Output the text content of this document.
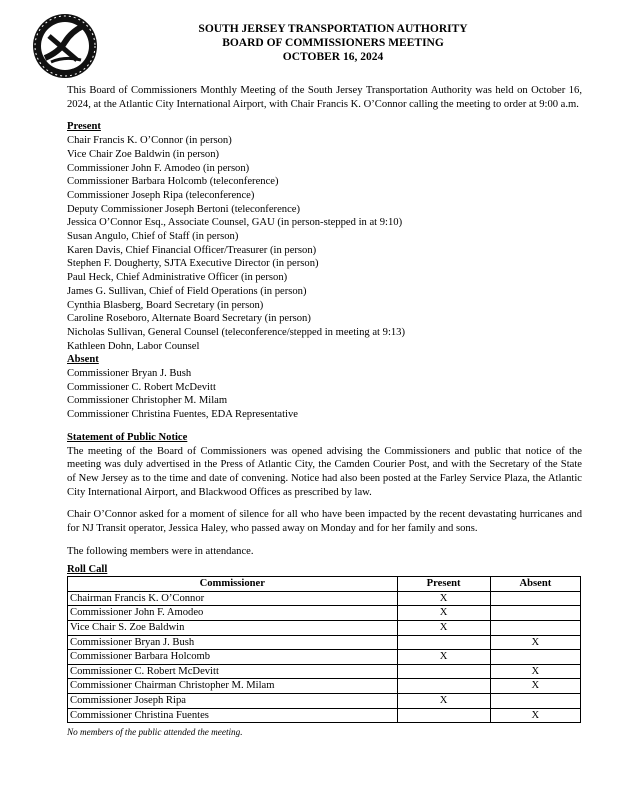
SOUTH JERSEY TRANSPORTATION AUTHORITY
BOARD OF COMMISSIONERS MEETING
OCTOBER 16, 2024

This Board of Commissioners Monthly Meeting of the South Jersey Transportation Authority was held on October 16, 2024, at the Atlantic City International Airport, with Chair Francis K. O’Connor calling the meeting to order at 9:00 a.m.

Present
Chair Francis K. O’Connor (in person)
Vice Chair Zoe Baldwin (in person)
Commissioner John F. Amodeo (in person)
Commissioner Barbara Holcomb (teleconference)
Commissioner Joseph Ripa (teleconference)
Deputy Commissioner Joseph Bertoni (teleconference)
Jessica O’Connor Esq., Associate Counsel, GAU (in person-stepped in at 9:10)
Susan Angulo, Chief of Staff (in person)
Karen Davis, Chief Financial Officer/Treasurer (in person)
Stephen F. Dougherty, SJTA Executive Director (in person)
Paul Heck, Chief Administrative Officer (in person)
James G. Sullivan, Chief of Field Operations (in person)
Cynthia Blasberg, Board Secretary (in person)
Caroline Roseboro, Alternate Board Secretary (in person)
Nicholas Sullivan, General Counsel (teleconference/stepped in meeting at 9:13)
Kathleen Dohn, Labor Counsel
Absent
Commissioner Bryan J. Bush
Commissioner C. Robert McDevitt
Commissioner Christopher M. Milam
Commissioner Christina Fuentes, EDA Representative
Statement of Public Notice

The meeting of the Board of Commissioners was opened advising the Commissioners and public that notice of the meeting was duly advertised in the Press of Atlantic City, the Camden Courier Post, and with the Secretary of the State of New Jersey as to the time and date of convening. Notice had also been posted at the Farley Service Plaza, the Atlantic City International Airport, and Blackwood Offices as prescribed by law.

Chair O’Connor asked for a moment of silence for all who have been impacted by the recent devastating hurricanes and for NJ Transit operator, Jessica Haley, who passed away on Monday and for her family and sons.

The following members were in attendance.

Roll Call
Commissioner	Present	Absent
Chairman Francis K. O’Connor	X	
Commissioner John F. Amodeo	X	
Vice Chair S. Zoe Baldwin	X	
Commissioner Bryan J. Bush		X
Commissioner Barbara Holcomb	X	
Commissioner C. Robert McDevitt		X
Commissioner Chairman Christopher M. Milam		X
Commissioner Joseph Ripa	X	
Commissioner Christina Fuentes		X
No members of the public attended the meeting.
